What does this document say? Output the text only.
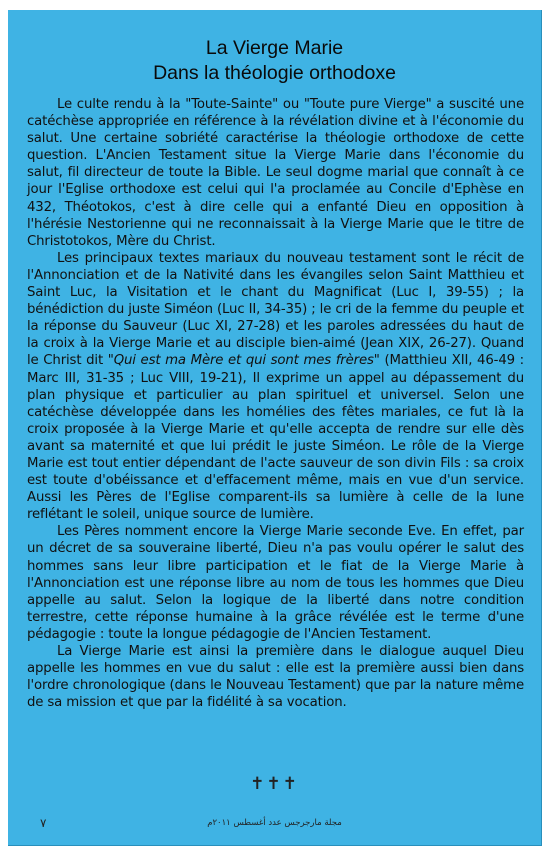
La Vierge Marie
Dans la théologie orthodoxe

Le culte rendu à la "Toute-Sainte" ou "Toute pure Vierge" a suscité une catéchèse appropriée en référence à la révélation divine et à l'économie du salut. Une certaine sobriété caractérise la théologie orthodoxe de cette question. L'Ancien Testament situe la Vierge Marie dans l'économie du salut, fil directeur de toute la Bible. Le seul dogme marial que connaît à ce jour l'Eglise orthodoxe est celui qui l'a proclamée au Concile d'Ephèse en 432, Théotokos, c'est à dire celle qui a enfanté Dieu en opposition à l'hérésie Nestorienne qui ne reconnaissait à la Vierge Marie que le titre de Christotokos, Mère du Christ.

Les principaux textes mariaux du nouveau testament sont le récit de l'Annonciation et de la Nativité dans les évangiles selon Saint Matthieu et Saint Luc, la Visitation et le chant du Magnificat (Luc I, 39-55) ; la bénédiction du juste Siméon (Luc II, 34-35) ; le cri de la femme du peuple et la réponse du Sauveur (Luc XI, 27-28) et les paroles adressées du haut de la croix à la Vierge Marie et au disciple bien-aimé (Jean XIX, 26-27). Quand le Christ dit "Qui est ma Mère et qui sont mes frères" (Matthieu XII, 46-49 : Marc III, 31-35 ; Luc VIII, 19-21), Il exprime un appel au dépassement du plan physique et particulier au plan spirituel et universel. Selon une catéchèse développée dans les homélies des fêtes mariales, ce fut là la croix proposée à la Vierge Marie et qu'elle accepta de rendre sur elle dès avant sa maternité et que lui prédit le juste Siméon. Le rôle de la Vierge Marie est tout entier dépendant de l'acte sauveur de son divin Fils : sa croix est toute d'obéissance et d'effacement même, mais en vue d'un service. Aussi les Pères de l'Eglise comparent-ils sa lumière à celle de la lune reflétant le soleil, unique source de lumière.

Les Pères nomment encore la Vierge Marie seconde Eve. En effet, par un décret de sa souveraine liberté, Dieu n'a pas voulu opérer le salut des hommes sans leur libre participation et le fiat de la Vierge Marie à l'Annonciation est une réponse libre au nom de tous les hommes que Dieu appelle au salut. Selon la logique de la liberté dans notre condition terrestre, cette réponse humaine à la grâce révélée est le terme d'une pédagogie : toute la longue pédagogie de l'Ancien Testament.

La Vierge Marie est ainsi la première dans le dialogue auquel Dieu appelle les hommes en vue du salut : elle est la première aussi bien dans l'ordre chronologique (dans le Nouveau Testament) que par la nature même de sa mission et que par la fidélité à sa vocation.

✝✝✝
٧	مجلة مارجرجس عدد أغسطس ٢٠١١م
